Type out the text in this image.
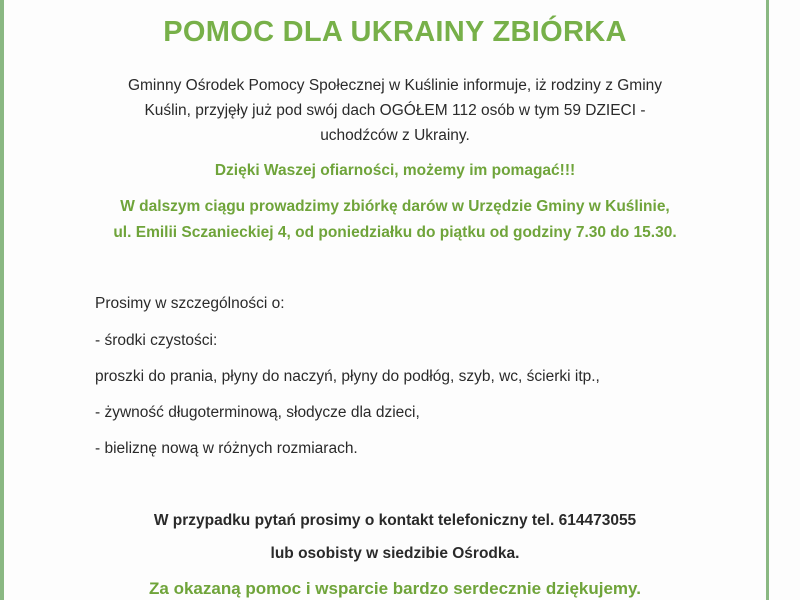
POMOC DLA UKRAINY ZBIÓRKA
Gminny Ośrodek Pomocy Społecznej w Kuślinie informuje, iż rodziny z Gminy
Kuślin, przyjęły już pod swój dach OGÓŁEM 112 osób w tym 59 DZIECI -
uchodźców z Ukrainy.
Dzięki Waszej ofiarności, możemy im pomagać!!!
W dalszym ciągu prowadzimy zbiórkę darów w Urzędzie Gminy w Kuślinie,
ul. Emilii Sczanieckiej 4, od poniedziałku do piątku od godziny 7.30 do 15.30.
Prosimy w szczególności o:
- środki czystości:
proszki do prania, płyny do naczyń, płyny do podłóg, szyb, wc, ścierki itp.,
- żywność długoterminową, słodycze dla dzieci,
- bieliznę nową w różnych rozmiarach.
W przypadku pytań prosimy o kontakt telefoniczny tel. 614473055
lub osobisty w siedzibie Ośrodka.
Za okazaną pomoc i wsparcie bardzo serdecznie dziękujemy.
